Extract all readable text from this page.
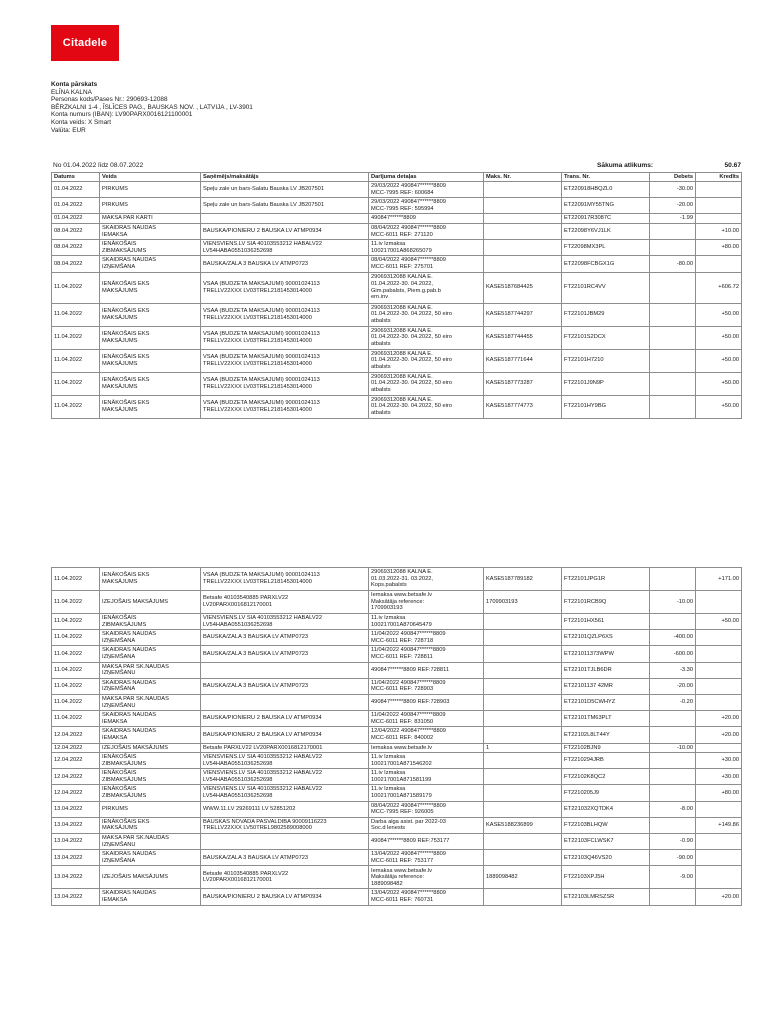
Citadele
Konta pārskats
ELĪNA KALNA
Personas kods/Pases Nr.: 290693-12088
BĒRZKALNI 1-4 , ĪSLĪCES PAG., BAUSKAS NOV. , LATVIJA , LV-3901
Konta numurs (IBAN): LV90PARX0016121100001
Konta veids: X Smart
Valūta: EUR
No 01.04.2022 līdz 08.07.2022	Sākuma atlikums:	50.67
Datums	Veids	Saņēmējs/maksātājs	Darījuma detaļas	Maks. Nr.	Trans. Nr.	Debets	Kredīts
01.04.2022	PIRKUMS	Speļu zale un bars-Salatu Bauska LV JB207501	29/03/2022 490847******8809
MCC-7995 REF: 600684		ET220918HBQZL0	-30.00	
01.04.2022	PIRKUMS	Speļu zale un bars-Salatu Bauska LV JB207501	29/03/2022 490847******8809
MCC-7995 REF: 595994		ET22091MY55TNG	-20.00	
01.04.2022	MAKSA PAR KARTI		490847******8809		ET220917R3087C	-1.99	
08.04.2022	SKAIDRAS NAUDAS
IEMAKSA	BAUSKA/PIONIERU 2 BAUSKA LV ATMP0934	08/04/2022 490847******8809
MCC-6011 REF: 271120		ET22098Y6VJ1LK		+10.00
08.04.2022	IENĀKOŠAIS
ZIBMAKSĀJUMS	VIENSVIENS.LV SIA 40103553212 HABALV22
LV54HABA0551036252698	11.iv Izmaksa
100217001A868265079		FT22098MX3PL		+80.00
08.04.2022	SKAIDRAS NAUDAS
IZŅEMŠANA	BAUSKA/ZALA 3 BAUSKA LV ATMP0723	08/04/2022 490847******8809
MCC-6011 REF: 275701		ET22098FCBGX1G	-80.00	
11.04.2022	IENĀKOŠAIS EKS
MAKSĀJUMS	VSAA (BUDZETA MAKSAJUMI) 90001024113
TRELLV22XXX LV03TREL2181453014000	29069312088 KALNA E.
01.04.2022-30. 04.2022,
Gim.pabalsts, Piem.g.pab.b
ern.inv	KASE5187684425	FT22101RC4VV		+606.72
11.04.2022	IENĀKOŠAIS EKS
MAKSĀJUMS	VSAA (BUDZETA MAKSAJUMI) 90001024113
TRELLV22XXX LV03TREL2181453014000	29069312088 KALNA E.
01.04.2022-30. 04.2022, 50 eiro
atbalsts	KASE5187744297	FT22101JBM29		+50.00
11.04.2022	IENĀKOŠAIS EKS
MAKSĀJUMS	VSAA (BUDZETA MAKSAJUMI) 90001024113
TRELLV22XXX LV03TREL2181453014000	29069312088 KALNA E.
01.04.2022-30. 04.2022, 50 eiro
atbalsts	KASE5187744455	FT22101S2DCX		+50.00
11.04.2022	IENĀKOŠAIS EKS
MAKSĀJUMS	VSAA (BUDZETA MAKSAJUMI) 90001024113
TRELLV22XXX LV03TREL2181453014000	29069312088 KALNA E.
01.04.2022-30. 04.2022, 50 eiro
atbalsts	KASE5187771644	FT22101H7210		+50.00
11.04.2022	IENĀKOŠAIS EKS
MAKSĀJUMS	VSAA (BUDZETA MAKSAJUMI) 90001024113
TRELLV22XXX LV03TREL2181453014000	29069312088 KALNA E.
01.04.2022-30. 04.2022, 50 eiro
atbalsts	KASE5187773287	FT22101J9N9P		+50.00
11.04.2022	IENĀKOŠAIS EKS
MAKSĀJUMS	VSAA (BUDZETA MAKSAJUMI) 90001024113
TRELLV22XXX LV03TREL2181453014000	29069312088 KALNA E.
01.04.2022-30. 04.2022, 50 eiro
atbalsts	KASE5187774773	FT22101HY9BG		+50.00
11.04.2022	IENĀKOŠAIS EKS
MAKSĀJUMS	VSAA (BUDZETA MAKSAJUMI) 90001024113
TRELLV22XXX LV03TREL2181453014000	29069312088 KALNA E.
01.03.2022-31. 03.2022,
Kops.pabalsts	KASE5187789182	FT22101JPG1R		+171.00
11.04.2022	IZEJOŠAIS MAKSĀJUMS	Betsafe 40103540885 PARXLV22
LV20PARX0016812170001	Iemaksa www.betsafe.lv
Maksātāja reference:
1709903193	1709903193	FT22101RCB9Q	-10.00	
11.04.2022	IENĀKOŠAIS
ZIBMAKSĀJUMS	VIENSVIENS.LV SIA 40103553212 HABALV22
LV54HABA0551036252698	11.iv Izmaksa
100217001A870645479		FT22101HX561		+50.00
11.04.2022	SKAIDRAS NAUDAS
IZŅEMŠANA	BAUSKA/ZALA 3 BAUSKA LV ATMP0723	11/04/2022 490847******8809
MCC-6011 REF: 728718		ET22101QZLP6XS	-400.00	
11.04.2022	SKAIDRAS NAUDAS
IZŅEMŠANA	BAUSKA/ZALA 3 BAUSKA LV ATMP0723	11/04/2022 490847******8809
MCC-6011 REF: 728811		ET221011373WPW	-600.00	
11.04.2022	MAKSA PAR SK.NAUDAS
IZŅEMŠANU		490847******8809 REF:728811		ET22101TJLB6DR	-3.30	
11.04.2022	SKAIDRAS NAUDAS
IZŅEMŠANA	BAUSKA/ZALA 3 BAUSKA LV ATMP0723	11/04/2022 490847******8809
MCC-6011 REF: 728903		ET22101137 42MR	-20.00	
11.04.2022	MAKSA PAR SK.NAUDAS
IZŅEMŠANU		490847******8809 REF:728903		ET22101D5CWHYZ	-0.20	
11.04.2022	SKAIDRAS NAUDAS
IEMAKSA	BAUSKA/PIONIERU 2 BAUSKA LV ATMP0934	11/04/2022 490847******8809
MCC-6011 REF: 831050		ET22101TM63PLT		+20.00
12.04.2022	SKAIDRAS NAUDAS
IEMAKSA	BAUSKA/PIONIERU 2 BAUSKA LV ATMP0934	12/04/2022 490847******8809
MCC-6011 REF: 840002		ET22102L8LT44Y		+20.00
12.04.2022	IZEJOŠAIS MAKSĀJUMS	Betsafe PARXLV22 LV20PARX0016812170001	Iemaksa www.betsafe.lv	1	FT22102BJN9	-10.00	
12.04.2022	IENĀKOŠAIS
ZIBMAKSĀJUMS	VIENSVIENS.LV SIA 40103553212 HABALV22
LV54HABA0551036252698	11.iv Izmaksa
100217001A871546202		FT2210294JRB		+30.00
12.04.2022	IENĀKOŠAIS
ZIBMAKSĀJUMS	VIENSVIENS.LV SIA 40103553212 HABALV22
LV54HABA0551036252698	11.iv Izmaksa
100217001A871581199		FT22102K8QC2		+30.00
12.04.2022	IENĀKOŠAIS
ZIBMAKSĀJUMS	VIENSVIENS.LV SIA 40103553212 HABALV22
LV54HABA0551036252698	11.iv Izmaksa
100217001A871589179		FT2210205J9		+80.00
13.04.2022	PIRKUMS	WWW.11.LV 29269111 LV 52851202	08/04/2022 490847******8809
MCC-7995 REF: 926005		ET221032XQTDK4	-8.00	
13.04.2022	IENĀKOŠAIS EKS
MAKSĀJUMS	BAUSKAS NOVADA PASVALDIBA 90009116223
TRELLV22XXX LV50TREL9802589008000	Darba alga asist. par 2022-03
Soc.d lenests	KASE5188236899	FT22103BLHQW		+149.86
13.04.2022	MAKSA PAR SK.NAUDAS
IZŅEMŠANU		490847******8809 REF:753177		ET22103FCLWSK7	-0.90	
13.04.2022	SKAIDRAS NAUDAS
IZŅEMŠANA	BAUSKA/ZALA 3 BAUSKA LV ATMP0723	13/04/2022 490847******8809
MCC-6011 REF: 753177		ET22103Q46VS20	-90.00	
13.04.2022	IZEJOŠAIS MAKSĀJUMS	Betsafe 40103540885 PARXLV22
LV20PARX0016812170001	Iemaksa www.betsafe.lv
Maksātāja reference:
1889098482	1889098482	FT22103XPJ5H	-9.00	
13.04.2022	SKAIDRAS NAUDAS
IEMAKSA	BAUSKA/PIONIERU 2 BAUSKA LV ATMP0934	13/04/2022 490847******8809
MCC-6011 REF: 760731		ET22103LMRSZSR		+20.00
